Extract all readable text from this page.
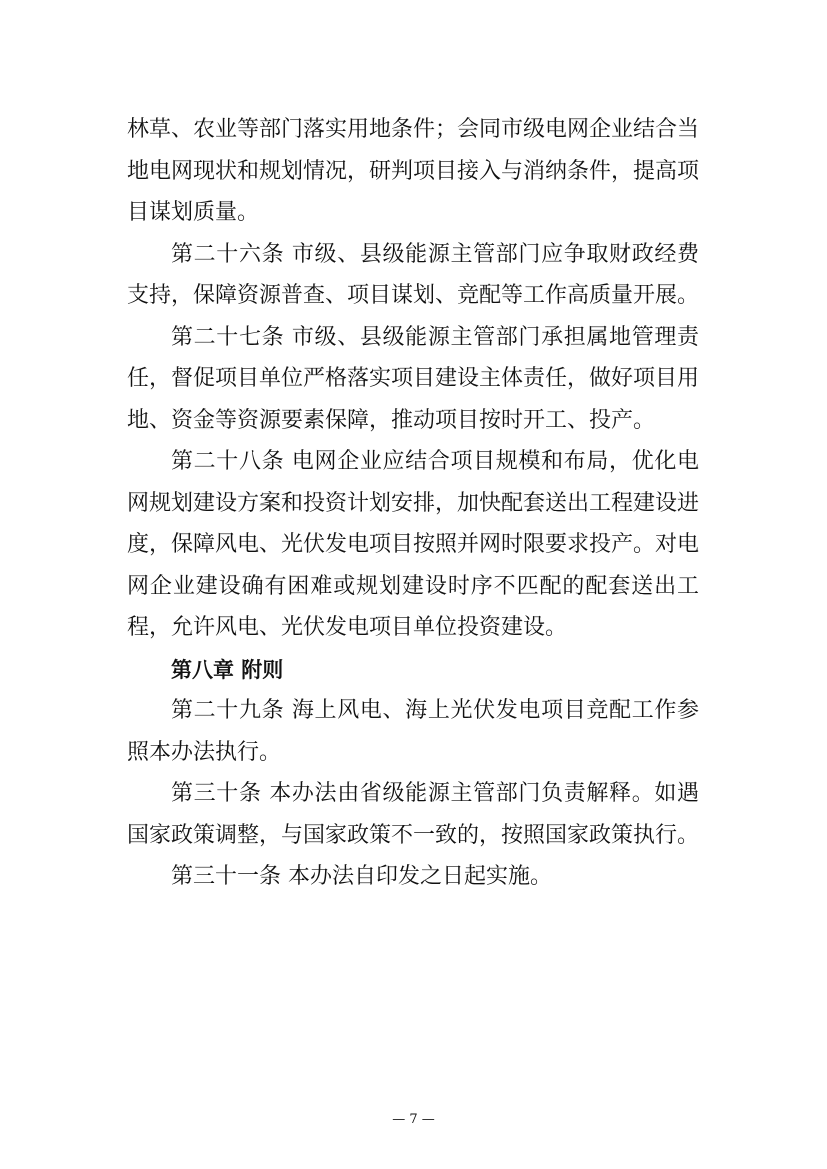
林草、农业等部门落实用地条件；会同市级电网企业结合当
地电网现状和规划情况，研判项目接入与消纳条件，提高项
目谋划质量。
第二十六条 市级、县级能源主管部门应争取财政经费
支持，保障资源普查、项目谋划、竞配等工作高质量开展。
第二十七条 市级、县级能源主管部门承担属地管理责
任，督促项目单位严格落实项目建设主体责任，做好项目用
地、资金等资源要素保障，推动项目按时开工、投产。
第二十八条 电网企业应结合项目规模和布局，优化电
网规划建设方案和投资计划安排，加快配套送出工程建设进
度，保障风电、光伏发电项目按照并网时限要求投产。对电
网企业建设确有困难或规划建设时序不匹配的配套送出工
程，允许风电、光伏发电项目单位投资建设。
第八章 附则
第二十九条 海上风电、海上光伏发电项目竞配工作参
照本办法执行。
第三十条 本办法由省级能源主管部门负责解释。如遇
国家政策调整，与国家政策不一致的，按照国家政策执行。
第三十一条 本办法自印发之日起实施。
— 7 —
